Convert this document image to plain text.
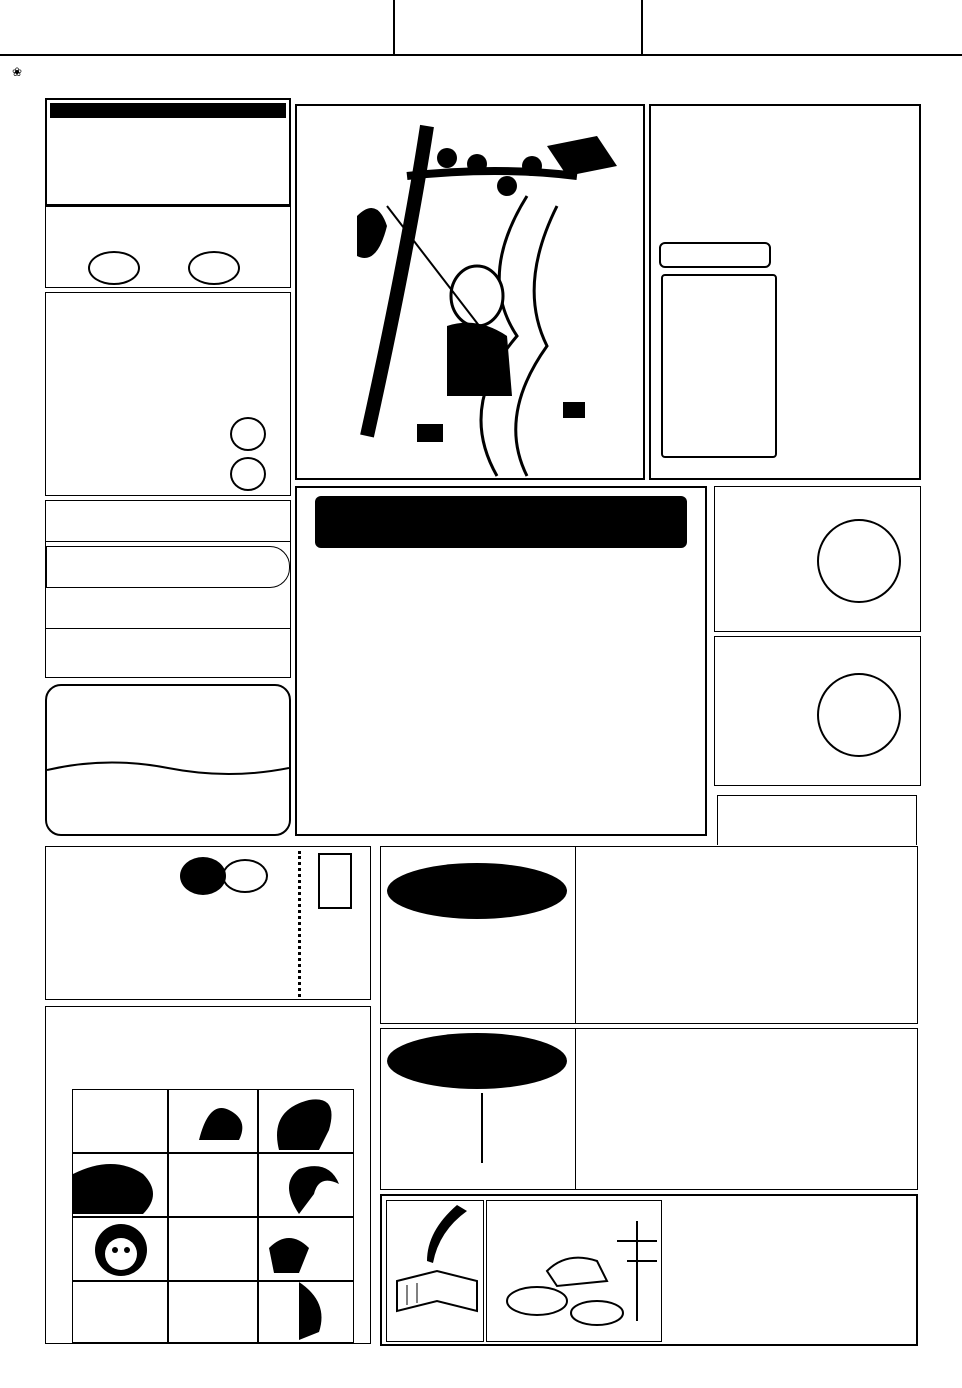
❀
